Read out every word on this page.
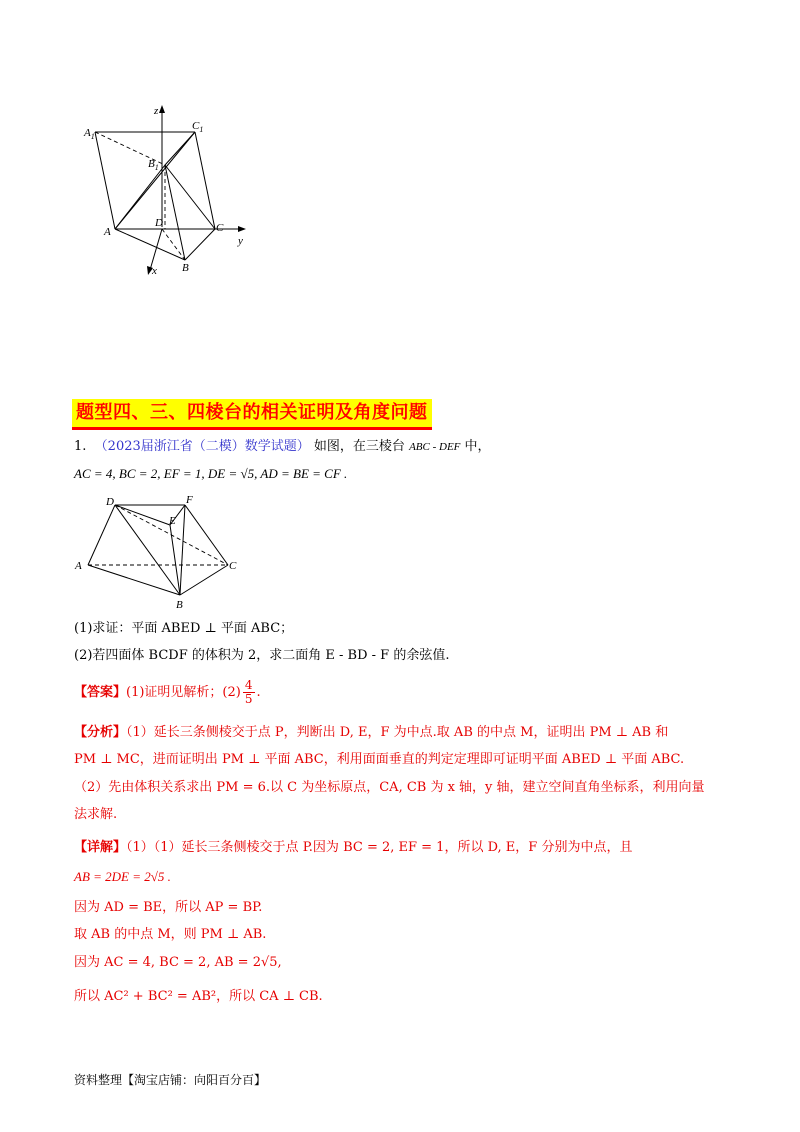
$A_1$
$C_1$
$B_1$
z
D
A	C
y
x B
题型四、三、四棱台的相关证明及角度问题
1. （2023届浙江省（二模）数学试题） 如图，在三棱台 ABC - DEF 中，
AC = 4, BC = 2, EF = 1, DE = √5, AD = BE = CF .
D	F
E
A	C
B
(1)求证：平面 ABED ⊥ 平面 ABC；
(2)若四面体 BCDF 的体积为 2，求二面角 E - BD - F 的余弦值.
【答案】(1)证明见解析；$(2) \frac{4}{5}$ .
【分析】（1）延长三条侧棱交于点 P，判断出 D, E，F 为中点.取 AB 的中点 M，证明出 PM ⊥ AB 和
PM ⊥ MC，进而证明出 PM ⊥ 平面 ABC，利用面面垂直的判定定理即可证明平面 ABED ⊥ 平面 ABC.
（2）先由体积关系求出 PM = 6.以 C 为坐标原点，CA, CB 为 x 轴，y 轴，建立空间直角坐标系，利用向量
法求解.
【详解】（1）（1）延长三条侧棱交于点 P.因为 BC = 2, EF = 1，所以 D, E，F 分别为中点，且
AB = 2DE = 2√5 .
因为 AD = BE，所以 AP = BP.
取 AB 的中点 M，则 PM ⊥ AB.
因为 AC = 4, BC = 2, AB = 2√5,
所以 AC² + BC² = AB²，所以 CA ⊥ CB.
资料整理【淘宝店铺：向阳百分百】
